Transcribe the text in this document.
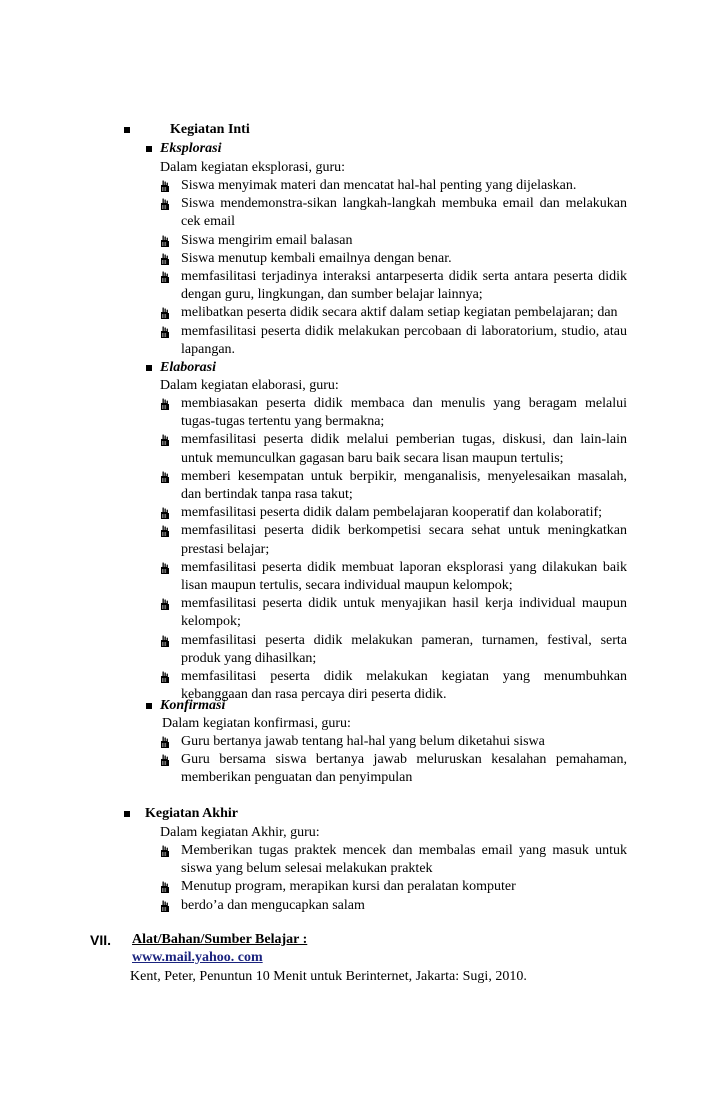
Kegiatan Inti
Eksplorasi
Dalam kegiatan eksplorasi, guru:
Siswa menyimak materi dan mencatat hal-hal penting yang dijelaskan.
Siswa mendemonstra-sikan langkah-langkah membuka email dan melakukan
cek email
Siswa mengirim email balasan
Siswa menutup kembali emailnya dengan benar.
memfasilitasi terjadinya interaksi antarpeserta didik serta antara peserta didik
dengan guru, lingkungan, dan sumber belajar lainnya;
melibatkan peserta didik secara aktif dalam setiap kegiatan pembelajaran; dan
memfasilitasi peserta didik melakukan percobaan di laboratorium, studio, atau
lapangan.
Elaborasi
Dalam kegiatan elaborasi, guru:
membiasakan peserta didik membaca dan menulis yang beragam melalui
tugas-tugas tertentu yang bermakna;
memfasilitasi peserta didik melalui pemberian tugas, diskusi, dan lain-lain
untuk memunculkan gagasan baru baik secara lisan maupun tertulis;
memberi kesempatan untuk berpikir, menganalisis, menyelesaikan masalah,
dan bertindak tanpa rasa takut;
memfasilitasi peserta didik dalam pembelajaran kooperatif dan kolaboratif;
memfasilitasi peserta didik berkompetisi secara sehat untuk meningkatkan
prestasi belajar;
memfasilitasi peserta didik membuat laporan eksplorasi yang dilakukan baik
lisan maupun tertulis, secara individual maupun kelompok;
memfasilitasi peserta didik untuk menyajikan hasil kerja individual maupun
kelompok;
memfasilitasi peserta didik melakukan pameran, turnamen, festival, serta
produk yang dihasilkan;
memfasilitasi peserta didik melakukan kegiatan yang menumbuhkan
kebanggaan dan rasa percaya diri peserta didik.
Konfirmasi
Dalam kegiatan konfirmasi, guru:
Guru bertanya jawab tentang hal-hal yang belum diketahui siswa
Guru bersama siswa bertanya jawab meluruskan kesalahan pemahaman,
memberikan penguatan dan penyimpulan
Kegiatan Akhir
Dalam kegiatan Akhir, guru:
Memberikan tugas praktek mencek dan membalas email yang masuk untuk
siswa yang belum selesai melakukan praktek
Menutup program, merapikan kursi dan peralatan komputer
berdo’a dan mengucapkan salam
VII. Alat/Bahan/Sumber Belajar :
www.mail.yahoo. com
Kent, Peter, Penuntun 10 Menit untuk Berinternet, Jakarta: Sugi, 2010.
